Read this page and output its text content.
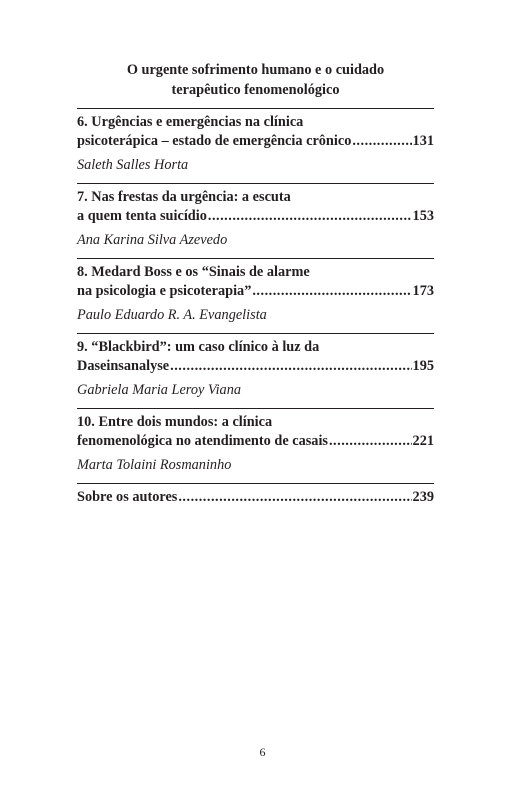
O urgente sofrimento humano e o cuidado
terapêutico fenomenológico
6. Urgências e emergências na clínica
psicoterápica – estado de emergência crônico .....	131
Saleth Salles Horta
7. Nas frestas da urgência: a escuta
a quem tenta suicídio .....	153
Ana Karina Silva Azevedo
8. Medard Boss e os “Sinais de alarme
na psicologia e psicoterapia” .....	173
Paulo Eduardo R. A. Evangelista
9. “Blackbird”: um caso clínico à luz da
Daseinsanalyse .....	195
Gabriela Maria Leroy Viana
10. Entre dois mundos: a clínica
fenomenológica no atendimento de casais .....	221
Marta Tolaini Rosmaninho
Sobre os autores .....	239
6
